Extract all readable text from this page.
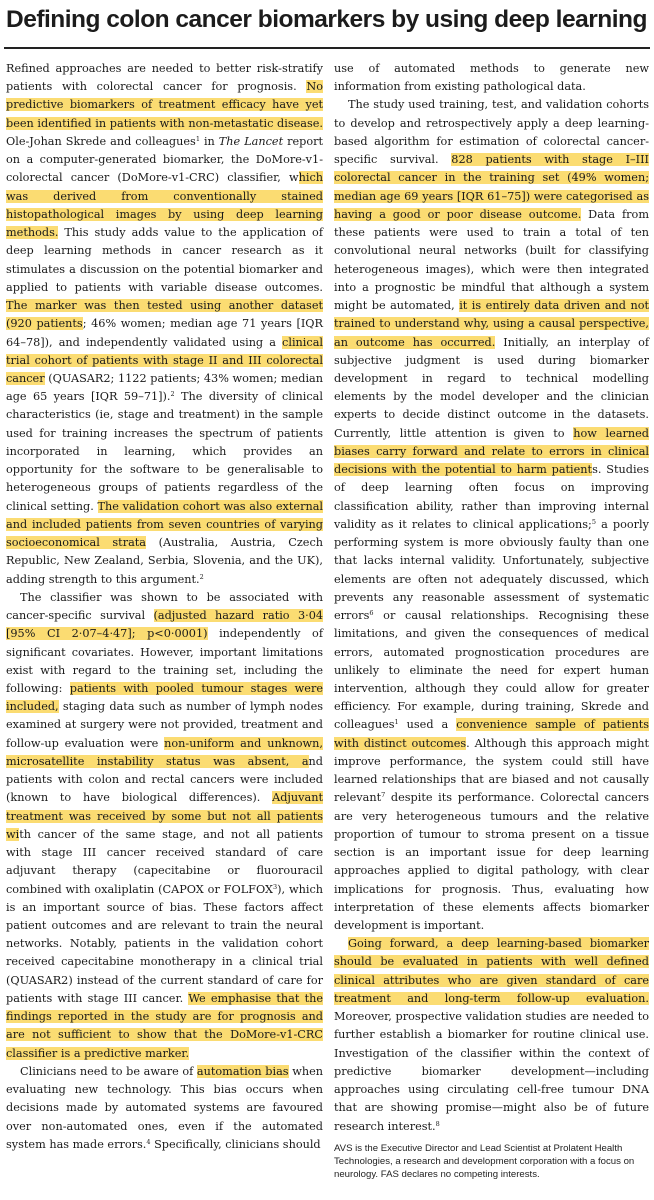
Defining colon cancer biomarkers by using deep learning

Refined approaches are needed to better risk-stratify patients with colorectal cancer for prognosis. No predictive biomarkers of treatment efficacy have yet been identified in patients with non-metastatic disease. Ole-Johan Skrede and colleagues$^1$ in The Lancet report on a computer-generated biomarker, the DoMore-v1-colorectal cancer (DoMore-v1-CRC) classifier, which was derived from conventionally stained histopathological images by using deep learning methods. This study adds value to the application of deep learning methods in cancer research as it stimulates a discussion on the potential biomarker and applied to patients with variable disease outcomes. The marker was then tested using another dataset (920 patients; 46% women; median age 71 years [IQR 64–78]), and independently validated using a clinical trial cohort of patients with stage II and III colorectal cancer (QUASAR2; 1122 patients; 43% women; median age 65 years [IQR 59–71]).$^2$ The diversity of clinical characteristics (ie, stage and treatment) in the sample used for training increases the spectrum of patients incorporated in learning, which provides an opportunity for the software to be generalisable to heterogeneous groups of patients regardless of the clinical setting. The validation cohort was also external and included patients from seven countries of varying socioeconomical strata (Australia, Austria, Czech Republic, New Zealand, Serbia, Slovenia, and the UK), adding strength to this argument.$^2$

The classifier was shown to be associated with cancer-specific survival (adjusted hazard ratio 3·04 [95% CI 2·07–4·47]; p<0·0001) independently of significant covariates. However, important limitations exist with regard to the training set, including the following: patients with pooled tumour stages were included, staging data such as number of lymph nodes examined at surgery were not provided, treatment and follow-up evaluation were non-uniform and unknown, microsatellite instability status was absent, and patients with colon and rectal cancers were included (known to have biological differences). Adjuvant treatment was received by some but not all patients with cancer of the same stage, and not all patients with stage III cancer received standard of care adjuvant therapy (capecitabine or fluorouracil combined with oxaliplatin (CAPOX or FOLFOX$^3$), which is an important source of bias. These factors affect patient outcomes and are relevant to train the neural networks. Notably, patients in the validation cohort received capecitabine monotherapy in a clinical trial (QUASAR2) instead of the current standard of care for patients with stage III cancer. We emphasise that the findings reported in the study are for prognosis and are not sufficient to show that the DoMore-v1-CRC classifier is a predictive marker.

Clinicians need to be aware of automation bias when evaluating new technology. This bias occurs when decisions made by automated systems are favoured over non-automated ones, even if the automated system has made errors.$^4$ Specifically, clinicians should

use of automated methods to generate new information from existing pathological data.

The study used training, test, and validation cohorts to develop and retrospectively apply a deep learning-based algorithm for estimation of colorectal cancer-specific survival. 828 patients with stage I–III colorectal cancer in the training set (49% women; median age 69 years [IQR 61–75]) were categorised as having a good or poor disease outcome. Data from these patients were used to train a total of ten convolutional neural networks (built for classifying heterogeneous images), which were then integrated into a prognostic be mindful that although a system might be automated, it is entirely data driven and not trained to understand why, using a causal perspective, an outcome has occurred. Initially, an interplay of subjective judgment is used during biomarker development in regard to technical modelling elements by the model developer and the clinician experts to decide distinct outcome in the datasets. Currently, little attention is given to how learned biases carry forward and relate to errors in clinical decisions with the potential to harm patients. Studies of deep learning often focus on improving classification ability, rather than improving internal validity as it relates to clinical applications;$^5$ a poorly performing system is more obviously faulty than one that lacks internal validity. Unfortunately, subjective elements are often not adequately discussed, which prevents any reasonable assessment of systematic errors$^6$ or causal relationships. Recognising these limitations, and given the consequences of medical errors, automated prognostication procedures are unlikely to eliminate the need for expert human intervention, although they could allow for greater efficiency. For example, during training, Skrede and colleagues$^1$ used a convenience sample of patients with distinct outcomes. Although this approach might improve performance, the system could still have learned relationships that are biased and not causally relevant$^7$ despite its performance. Colorectal cancers are very heterogeneous tumours and the relative proportion of tumour to stroma present on a tissue section is an important issue for deep learning approaches applied to digital pathology, with clear implications for prognosis. Thus, evaluating how interpretation of these elements affects biomarker development is important.

Going forward, a deep learning-based biomarker should be evaluated in patients with well defined clinical attributes who are given standard of care treatment and long-term follow-up evaluation. Moreover, prospective validation studies are needed to further establish a biomarker for routine clinical use. Investigation of the classifier within the context of predictive biomarker development—including approaches using circulating cell-free tumour DNA that are showing promise—might also be of future research interest.$^8$

AVS is the Executive Director and Lead Scientist at Prolatent Health Technologies, a research and development corporation with a focus on neurology. FAS declares no competing interests.
